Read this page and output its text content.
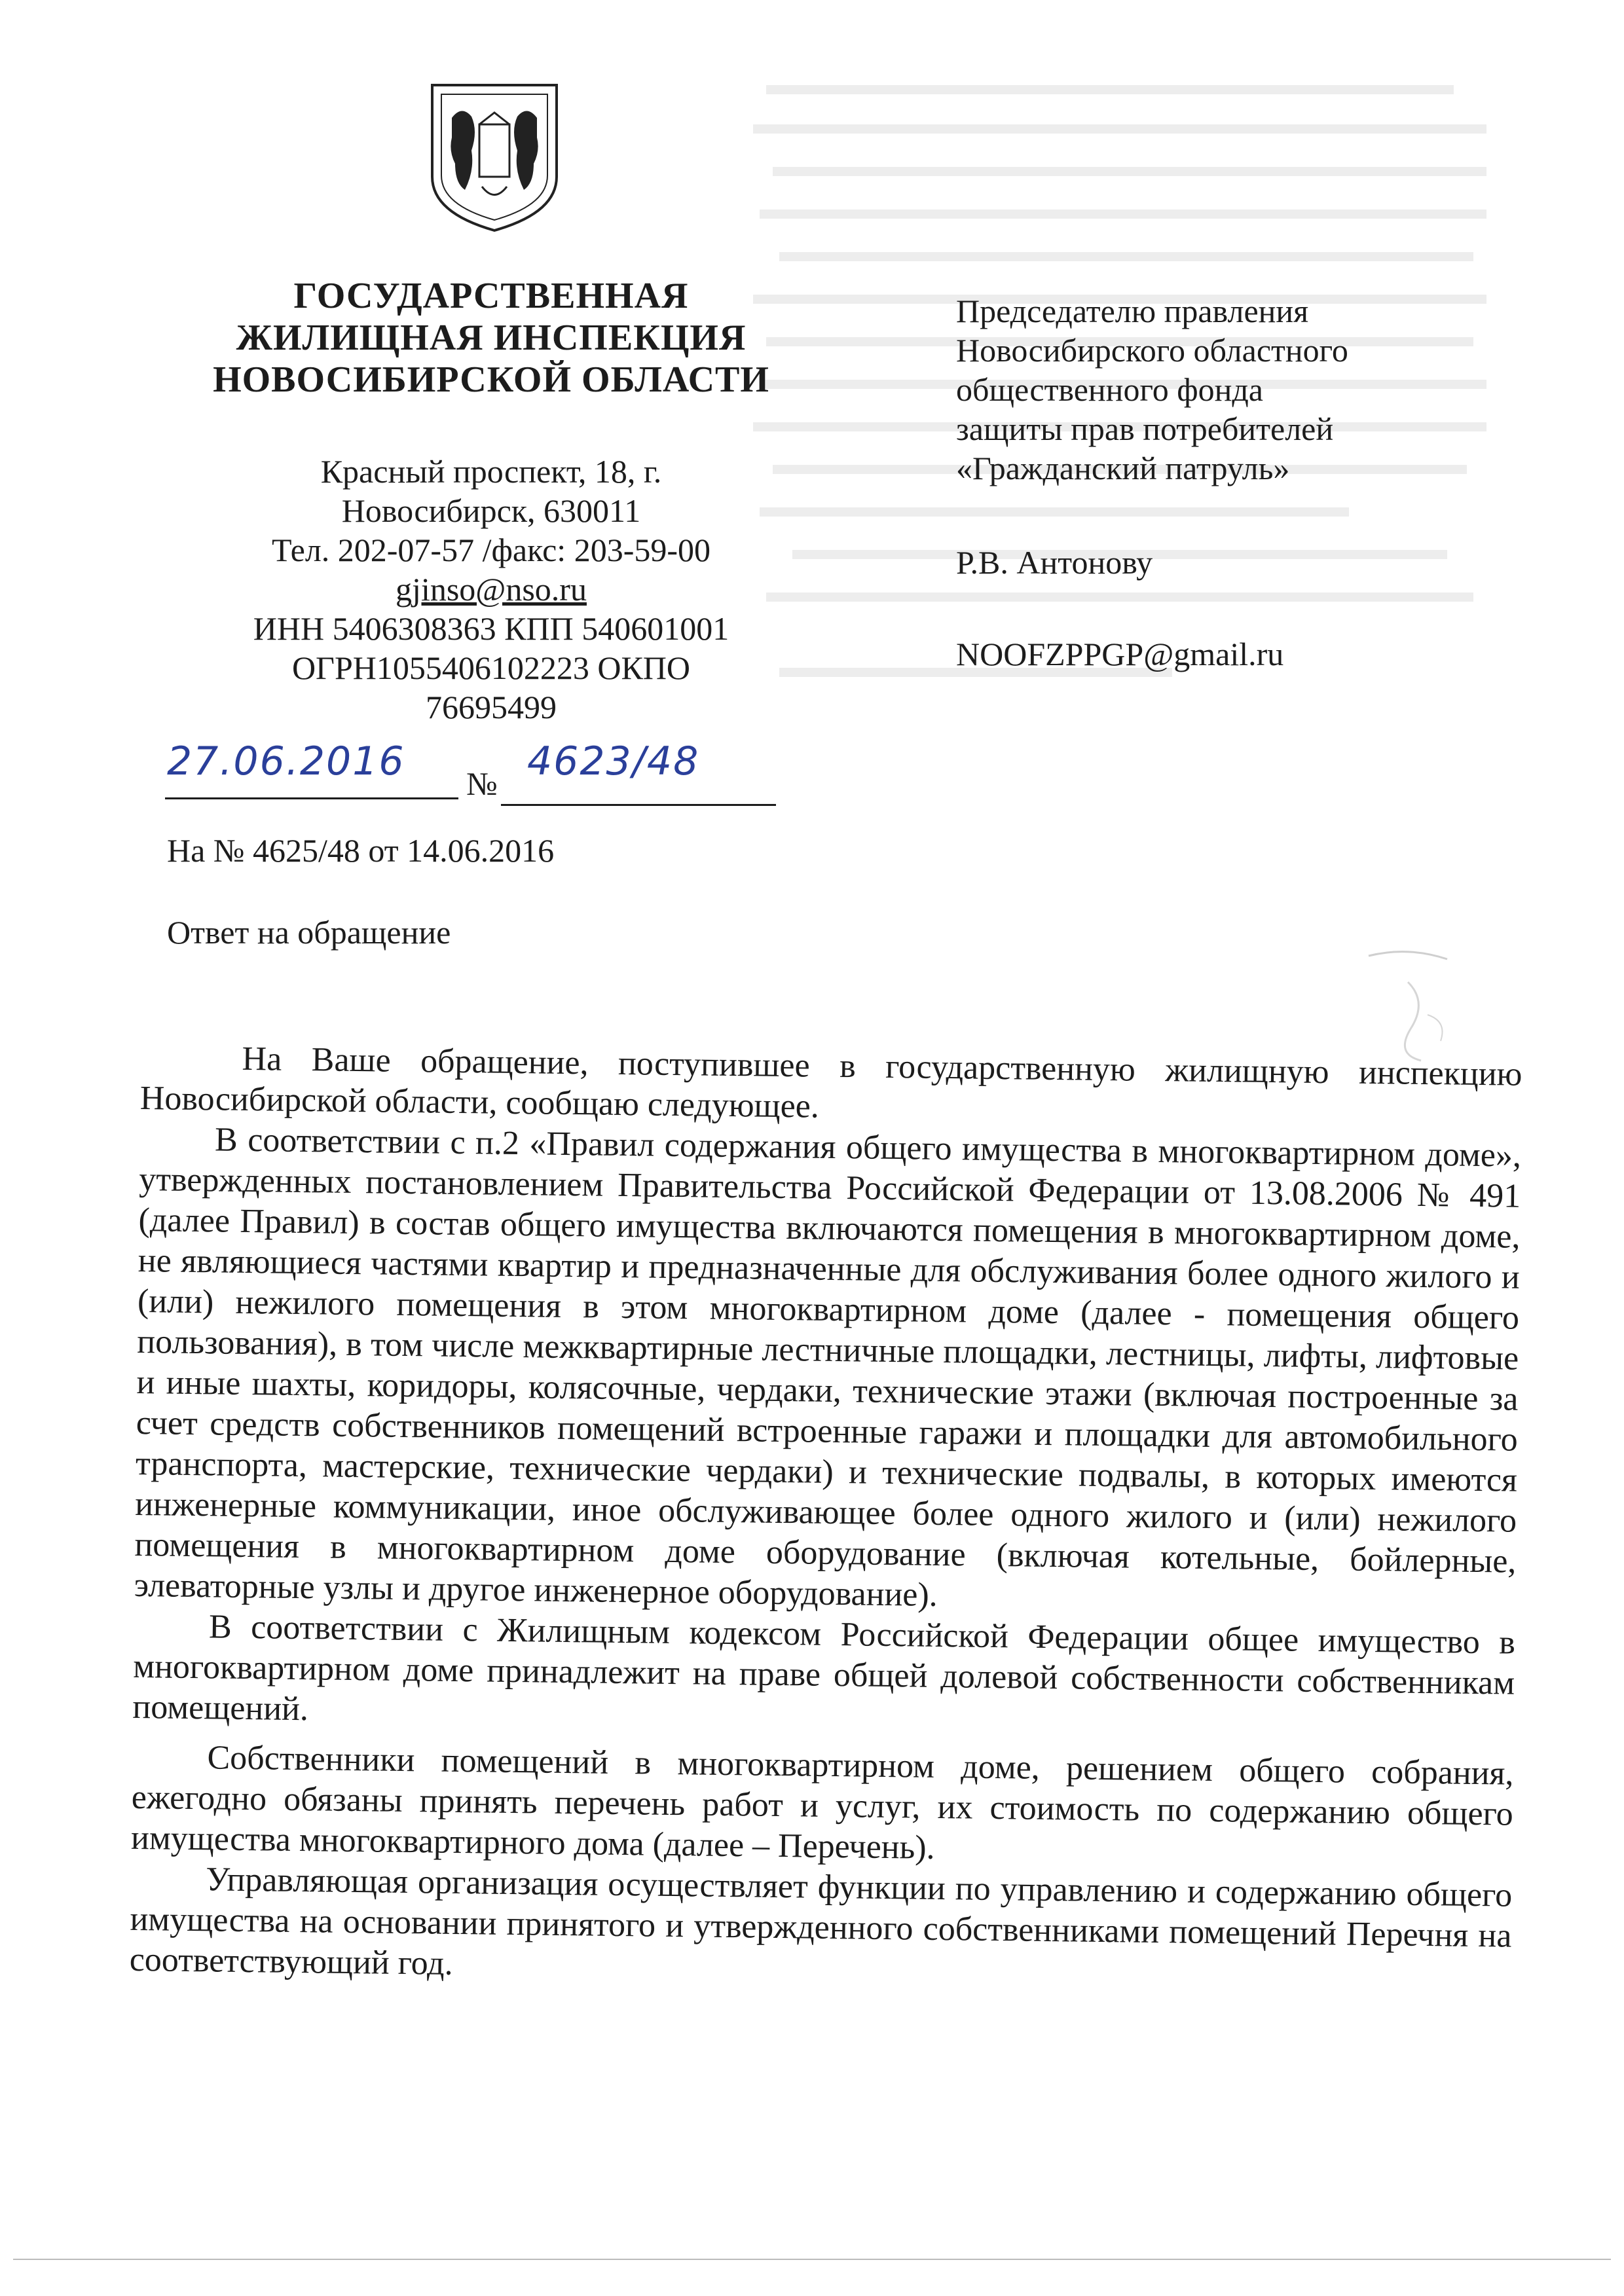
ГОСУДАРСТВЕННАЯ
ЖИЛИЩНАЯ ИНСПЕКЦИЯ
НОВОСИБИРСКОЙ ОБЛАСТИ
Красный проспект, 18, г.
Новосибирск, 630011
Тел. 202-07-57 /факс: 203-59-00
gjinso@nso.ru
ИНН 5406308363 КПП 540601001
ОГРН1055406102223 ОКПО
76695499
27.06.2016 № 4623/48
На № 4625/48 от 14.06.2016
Ответ на обращение
Председателю правления
Новосибирского областного
общественного фонда
защиты прав потребителей
«Гражданский патруль»
Р.В. Антонову
NOOFZPPGP@gmail.ru

На Ваше обращение, поступившее в государственную жилищную инспекцию Новосибирской области, сообщаю следующее.

В соответствии с п.2 «Правил содержания общего имущества в многоквартирном доме», утвержденных постановлением Правительства Российской Федерации от 13.08.2006 № 491 (далее Правил) в состав общего имущества включаются помещения в многоквартирном доме, не являющиеся частями квартир и предназначенные для обслуживания более одного жилого и (или) нежилого помещения в этом многоквартирном доме (далее - помещения общего пользования), в том числе межквартирные лестничные площадки, лестницы, лифты, лифтовые и иные шахты, коридоры, колясочные, чердаки, технические этажи (включая построенные за счет средств собственников помещений встроенные гаражи и площадки для автомобильного транспорта, мастерские, технические чердаки) и технические подвалы, в которых имеются инженерные коммуникации, иное обслуживающее более одного жилого и (или) нежилого помещения в многоквартирном доме оборудование (включая котельные, бойлерные, элеваторные узлы и другое инженерное оборудование).

В соответствии с Жилищным кодексом Российской Федерации общее имущество в многоквартирном доме принадлежит на праве общей долевой собственности собственникам помещений.

Собственники помещений в многоквартирном доме, решением общего собрания, ежегодно обязаны принять перечень работ и услуг, их стоимость по содержанию общего имущества многоквартирного дома (далее – Перечень).

Управляющая организация осуществляет функции по управлению и содержанию общего имущества на основании принятого и утвержденного собственниками помещений Перечня на соответствующий год.
